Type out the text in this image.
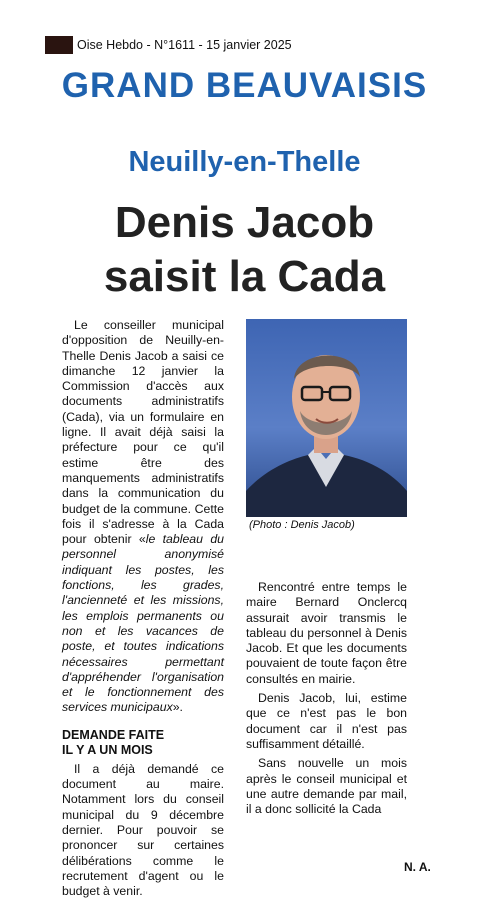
Oise Hebdo - N°1611 - 15 janvier 2025
GRAND BEAUVAISIS
Neuilly-en-Thelle
Denis Jacob
saisit la Cada

Le conseiller municipal d'opposition de Neuilly-en-Thelle Denis Jacob a saisi ce dimanche 12 janvier la Commission d'accès aux documents administratifs (Cada), via un formulaire en ligne. Il avait déjà saisi la préfecture pour ce qu'il estime être des manquements administratifs dans la communication du budget de la commune. Cette fois il s'adresse à la Cada pour obtenir «le tableau du personnel anonymisé indiquant les postes, les fonctions, les grades, l'ancienneté et les missions, les emplois permanents ou non et les vacances de poste, et toutes indications nécessaires permettant d'appréhender l'organisation et le fonctionnement des services municipaux».

DEMANDE FAITE
IL Y A UN MOIS

Il a déjà demandé ce document au maire. Notamment lors du conseil municipal du 9 décembre dernier. Pour pouvoir se prononcer sur certaines délibérations comme le recrutement d'agent ou le budget à venir.

(Photo : Denis Jacob)

Rencontré entre temps le maire Bernard Onclercq assurait avoir transmis le tableau du personnel à Denis Jacob. Et que les documents pouvaient de toute façon être consultés en mairie.

Denis Jacob, lui, estime que ce n'est pas le bon document car il n'est pas suffisamment détaillé.

Sans nouvelle un mois après le conseil municipal et une autre demande par mail, il a donc sollicité la Cada

N. A.
